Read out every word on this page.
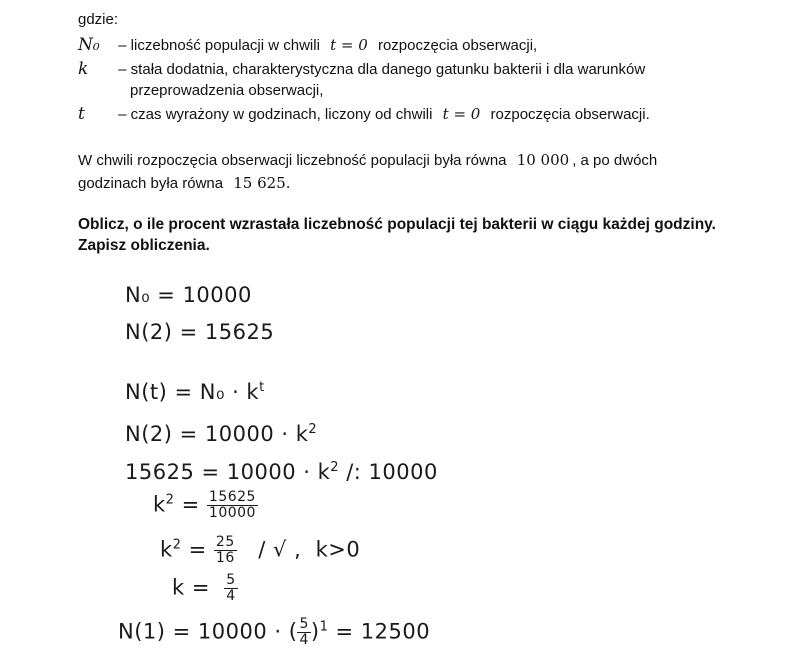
gdzie:
N₀ – liczebność populacji w chwili t = 0 rozpoczęcia obserwacji,
k – stała dodatnia, charakterystyczna dla danego gatunku bakterii i dla warunków
przeprowadzenia obserwacji,
t – czas wyrażony w godzinach, liczony od chwili t = 0 rozpoczęcia obserwacji.
W chwili rozpoczęcia obserwacji liczebność populacji była równa 10 000 , a po dwóch
godzinach była równa 15 625.
Oblicz, o ile procent wzrastała liczebność populacji tej bakterii w ciągu każdej godziny.
Zapisz obliczenia.
N₀ = 10000
N(2) = 15625
$N(t) = N_0 \cdot k^t$
$N(2) = 10000 \cdot k^2$
$15625 = 10000 \cdot k^2$ /: 10000
$k^2 = \frac{15625}{10000}$
$k^2 = \frac{25}{16}$ / √ ,  k>0
$k = \frac{5}{4}$
N(1) = 10000 · ( $\frac{5}{4} )^1 = 12500$
